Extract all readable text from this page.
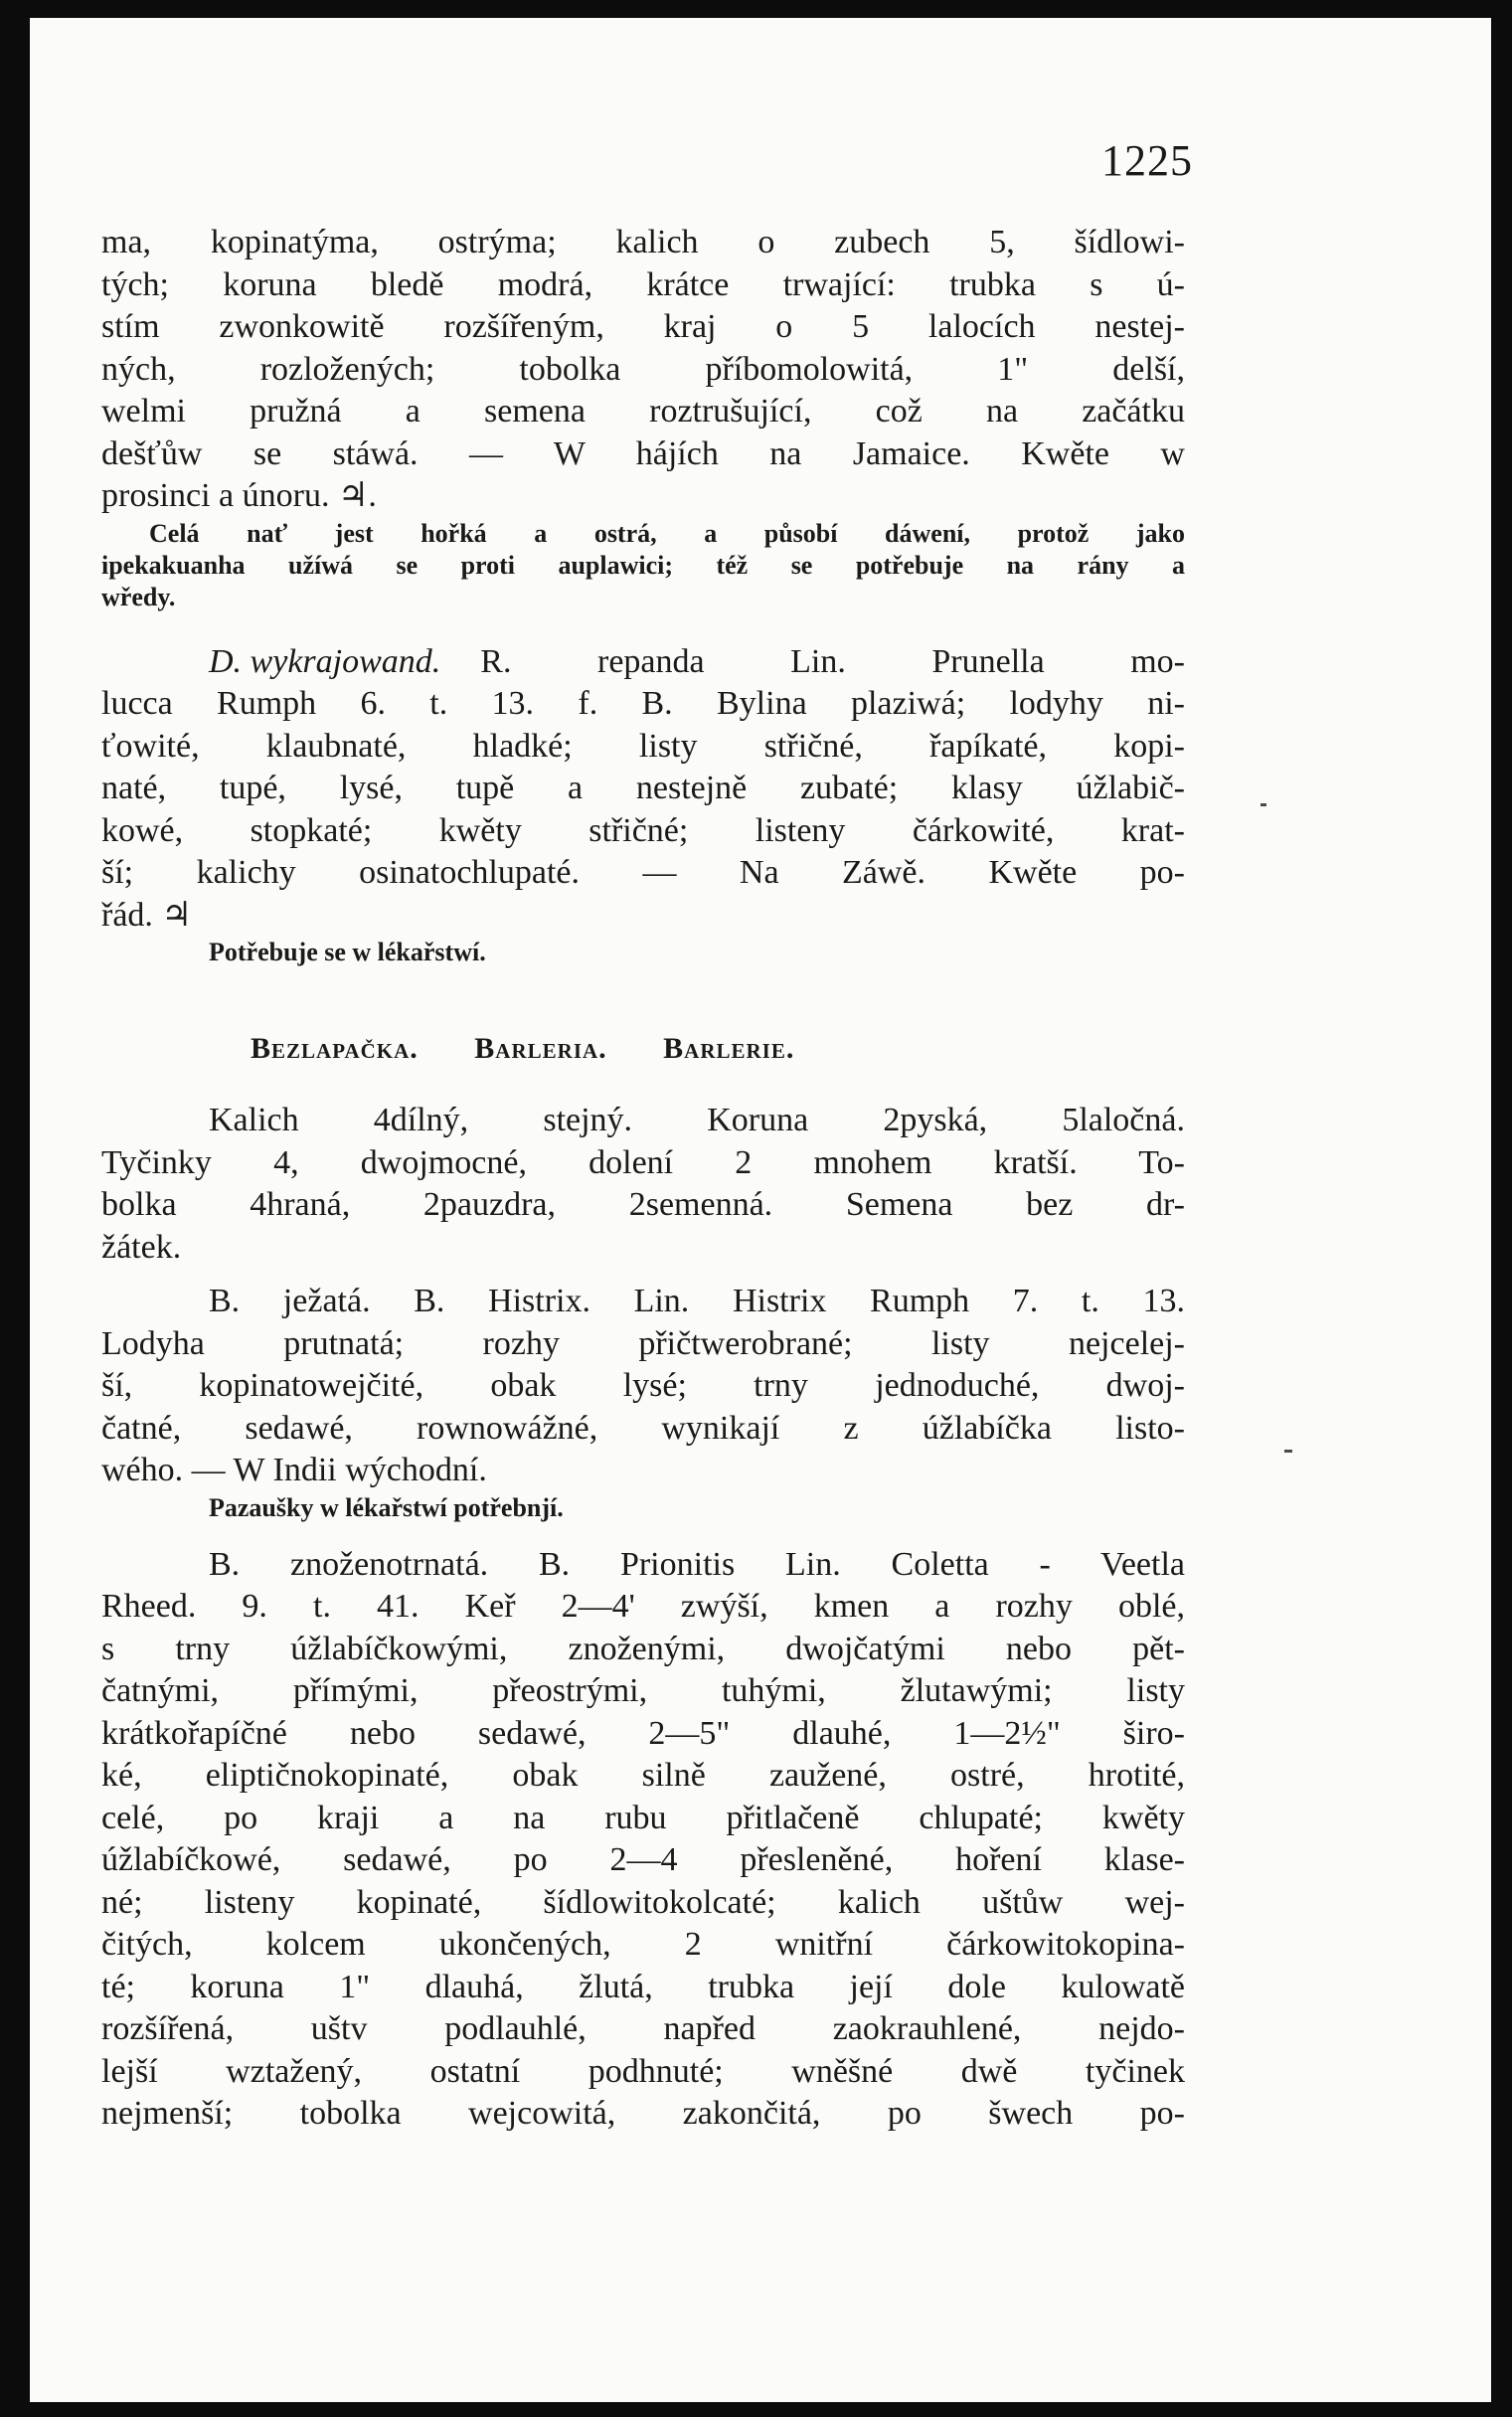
1225
ma, kopinatýma, ostrýma; kalich o zubech 5, šídlowi-
tých; koruna bledě modrá, krátce trwající: trubka s ú-
stím zwonkowitě rozšířeným, kraj o 5 lalocích nestej-
ných, rozložených; tobolka příbomolowitá, 1" delší,
welmi pružná a semena roztrušující, což na začátku
dešťůw se stáwá. — W hájích na Jamaice. Kwěte w
prosinci a únoru. ♃.
Celá nať jest hořká a ostrá, a působí dáwení, protož jako
ipekakuanha užíwá se proti auplawici; též se potřebuje na rány a
wředy.
D. wykrajowand. R. repanda Lin. Prunella mo-
lucca Rumph 6. t. 13. f. B. Bylina plaziwá; lodyhy ni-
ťowité, klaubnaté, hladké; listy střičné, řapíkaté, kopi-
naté, tupé, lysé, tupě a nestejně zubaté; klasy úžlabič-
kowé, stopkaté; kwěty střičné; listeny čárkowité, krat-
ší; kalichy osinatochlupaté. — Na Záwě. Kwěte po-
řád. ♃
Potřebuje se w lékařstwí.
Bezlapačka. Barleria. Barlerie.
Kalich 4dílný, stejný. Koruna 2pyská, 5laločná.
Tyčinky 4, dwojmocné, dolení 2 mnohem kratší. To-
bolka 4hraná, 2pauzdra, 2semenná. Semena bez dr-
žátek.
B. ježatá. B. Histrix. Lin. Histrix Rumph 7. t. 13.
Lodyha prutnatá; rozhy přičtwerobrané; listy nejcelej-
ší, kopinatowejčité, obak lysé; trny jednoduché, dwoj-
čatné, sedawé, rownowážné, wynikají z úžlabíčka listo-
wého. — W Indii wýchodní.
Pazaušky w lékařstwí potřebnjí.
B. znoženotrnatá. B. Prionitis Lin. Coletta - Veetla
Rheed. 9. t. 41. Keř 2—4' zwýší, kmen a rozhy oblé,
s trny úžlabíčkowými, znoženými, dwojčatými nebo pět-
čatnými, přímými, přeostrými, tuhými, žlutawými; listy
krátkořapíčné nebo sedawé, 2—5" dlauhé, 1—2½" širo-
ké, eliptičnokopinaté, obak silně zaužené, ostré, hrotité,
celé, po kraji a na rubu přitlačeně chlupaté; kwěty
úžlabíčkowé, sedawé, po 2—4 přesleněné, hoření klase-
né; listeny kopinaté, šídlowitokolcaté; kalich uštůw wej-
čitých, kolcem ukončených, 2 wnitřní čárkowitokopina-
té; koruna 1" dlauhá, žlutá, trubka její dole kulowatě
rozšířená, uštv podlauhlé, napřed zaokrauhlené, nejdo-
lejší wztažený, ostatní podhnuté; wněšné dwě tyčinek
nejmenší; tobolka wejcowitá, zakončitá, po šwech po-
